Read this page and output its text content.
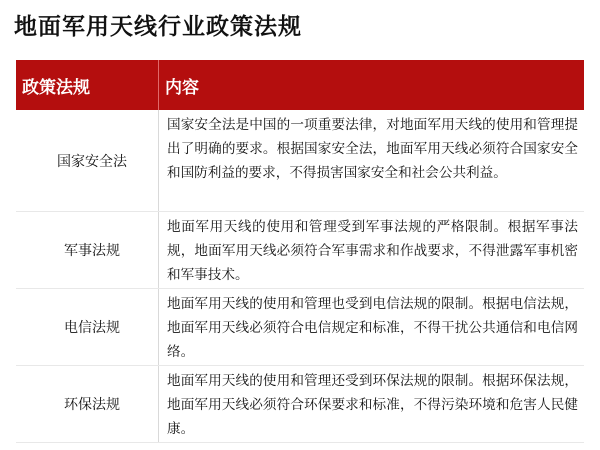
地面军用天线行业政策法规
政策法规	内容
国家安全法
国家安全法是中国的一项重要法律，对地面军用天线的使用和管理提出了明确的要求。根据国家安全法，地面军用天线必须符合国家安全和国防利益的要求，不得损害国家安全和社会公共利益。
军事法规
地面军用天线的使用和管理受到军事法规的严格限制。根据军事法规，地面军用天线必须符合军事需求和作战要求，不得泄露军事机密和军事技术。
电信法规
地面军用天线的使用和管理也受到电信法规的限制。根据电信法规，地面军用天线必须符合电信规定和标准，不得干扰公共通信和电信网络。
环保法规
地面军用天线的使用和管理还受到环保法规的限制。根据环保法规，地面军用天线必须符合环保要求和标准，不得污染环境和危害人民健康。
